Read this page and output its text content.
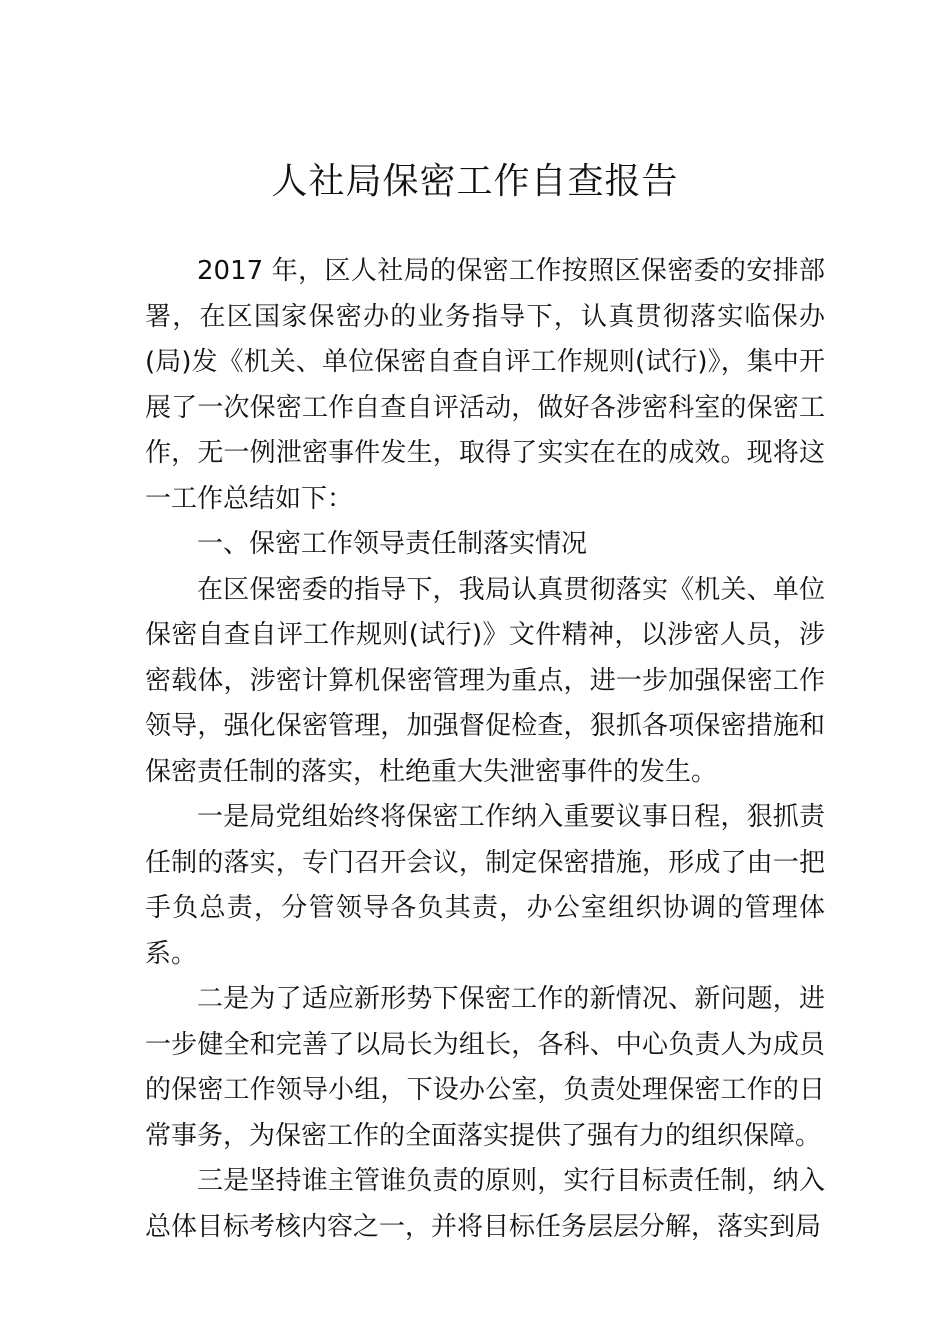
人社局保密工作自查报告

2017 年，区人社局的保密工作按照区保密委的安排部署，在区国家保密办的业务指导下，认真贯彻落实临保办(局)发《机关、单位保密自查自评工作规则(试行)》，集中开展了一次保密工作自查自评活动，做好各涉密科室的保密工作，无一例泄密事件发生，取得了实实在在的成效。现将这一工作总结如下：

一、保密工作领导责任制落实情况

在区保密委的指导下，我局认真贯彻落实《机关、单位保密自查自评工作规则(试行)》文件精神，以涉密人员，涉密载体，涉密计算机保密管理为重点，进一步加强保密工作领导，强化保密管理，加强督促检查，狠抓各项保密措施和保密责任制的落实，杜绝重大失泄密事件的发生。

一是局党组始终将保密工作纳入重要议事日程，狠抓责任制的落实，专门召开会议，制定保密措施，形成了由一把手负总责，分管领导各负其责，办公室组织协调的管理体系。

二是为了适应新形势下保密工作的新情况、新问题，进一步健全和完善了以局长为组长，各科、中心负责人为成员的保密工作领导小组，下设办公室，负责处理保密工作的日常事务，为保密工作的全面落实提供了强有力的组织保障。

三是坚持谁主管谁负责的原则，实行目标责任制，纳入总体目标考核内容之一，并将目标任务层层分解，落实到局
